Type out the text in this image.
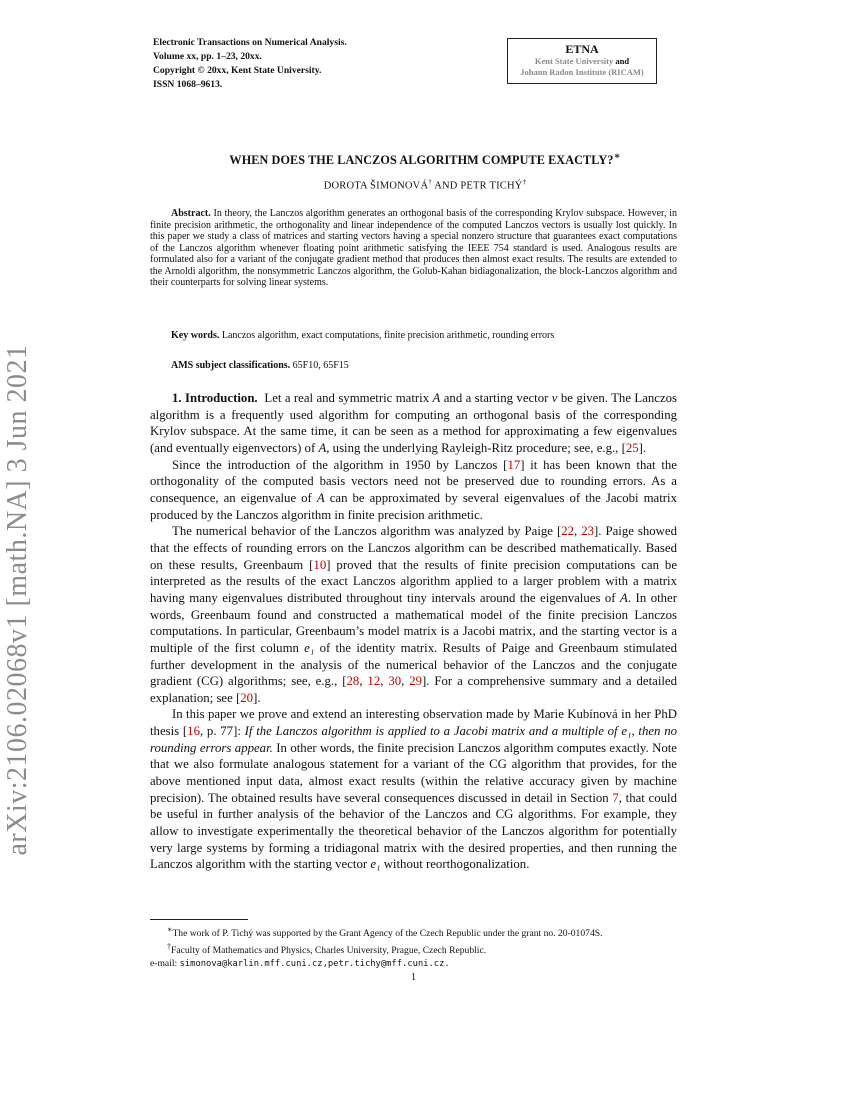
arXiv:2106.02068v1 [math.NA] 3 Jun 2021
Electronic Transactions on Numerical Analysis.
Volume xx, pp. 1–23, 20xx.
Copyright © 20xx, Kent State University.
ISSN 1068–9613.
ETNA
Kent State University and
Johann Radon Institute (RICAM)
WHEN DOES THE LANCZOS ALGORITHM COMPUTE EXACTLY?∗
DOROTA ŠIMONOVÁ† AND PETR TICHÝ†
Abstract. In theory, the Lanczos algorithm generates an orthogonal basis of the corresponding Krylov subspace. However, in finite precision arithmetic, the orthogonality and linear independence of the computed Lanczos vectors is usually lost quickly. In this paper we study a class of matrices and starting vectors having a special nonzero structure that guarantees exact computations of the Lanczos algorithm whenever floating point arithmetic satisfying the IEEE 754 standard is used. Analogous results are formulated also for a variant of the conjugate gradient method that produces then almost exact results. The results are extended to the Arnoldi algorithm, the nonsymmetric Lanczos algorithm, the Golub-Kahan bidiagonalization, the block-Lanczos algorithm and their counterparts for solving linear systems.
Key words. Lanczos algorithm, exact computations, finite precision arithmetic, rounding errors
AMS subject classifications. 65F10, 65F15

1. Introduction. Let a real and symmetric matrix A and a starting vector v be given. The Lanczos algorithm is a frequently used algorithm for computing an orthogonal basis of the corresponding Krylov subspace. At the same time, it can be seen as a method for approximating a few eigenvalues (and eventually eigenvectors) of A, using the underlying Rayleigh-Ritz procedure; see, e.g., [25].

Since the introduction of the algorithm in 1950 by Lanczos [17] it has been known that the orthogonality of the computed basis vectors need not be preserved due to rounding errors. As a consequence, an eigenvalue of A can be approximated by several eigenvalues of the Jacobi matrix produced by the Lanczos algorithm in finite precision arithmetic.

The numerical behavior of the Lanczos algorithm was analyzed by Paige [22, 23]. Paige showed that the effects of rounding errors on the Lanczos algorithm can be described mathematically. Based on these results, Greenbaum [10] proved that the results of finite precision computations can be interpreted as the results of the exact Lanczos algorithm applied to a larger problem with a matrix having many eigenvalues distributed throughout tiny intervals around the eigenvalues of A. In other words, Greenbaum found and constructed a mathematical model of the finite precision Lanczos computations. In particular, Greenbaum’s model matrix is a Jacobi matrix, and the starting vector is a multiple of the first column e₁ of the identity matrix. Results of Paige and Greenbaum stimulated further development in the analysis of the numerical behavior of the Lanczos and the conjugate gradient (CG) algorithms; see, e.g., [28, 12, 30, 29]. For a comprehensive summary and a detailed explanation; see [20].

In this paper we prove and extend an interesting observation made by Marie Kubínová in her PhD thesis [16, p. 77]: If the Lanczos algorithm is applied to a Jacobi matrix and a multiple of e₁, then no rounding errors appear. In other words, the finite precision Lanczos algorithm computes exactly. Note that we also formulate analogous statement for a variant of the CG algorithm that provides, for the above mentioned input data, almost exact results (within the relative accuracy given by machine precision). The obtained results have several consequences discussed in detail in Section 7, that could be useful in further analysis of the behavior of the Lanczos and CG algorithms. For example, they allow to investigate experimentally the theoretical behavior of the Lanczos algorithm for potentially very large systems by forming a tridiagonal matrix with the desired properties, and then running the Lanczos algorithm with the starting vector e₁ without reorthogonalization.

∗The work of P. Tichý was supported by the Grant Agency of the Czech Republic under the grant no. 20-01074S.
†Faculty of Mathematics and Physics, Charles University, Prague, Czech Republic.
e-mail: simonova@karlin.mff.cuni.cz,petr.tichy@mff.cuni.cz.
1
